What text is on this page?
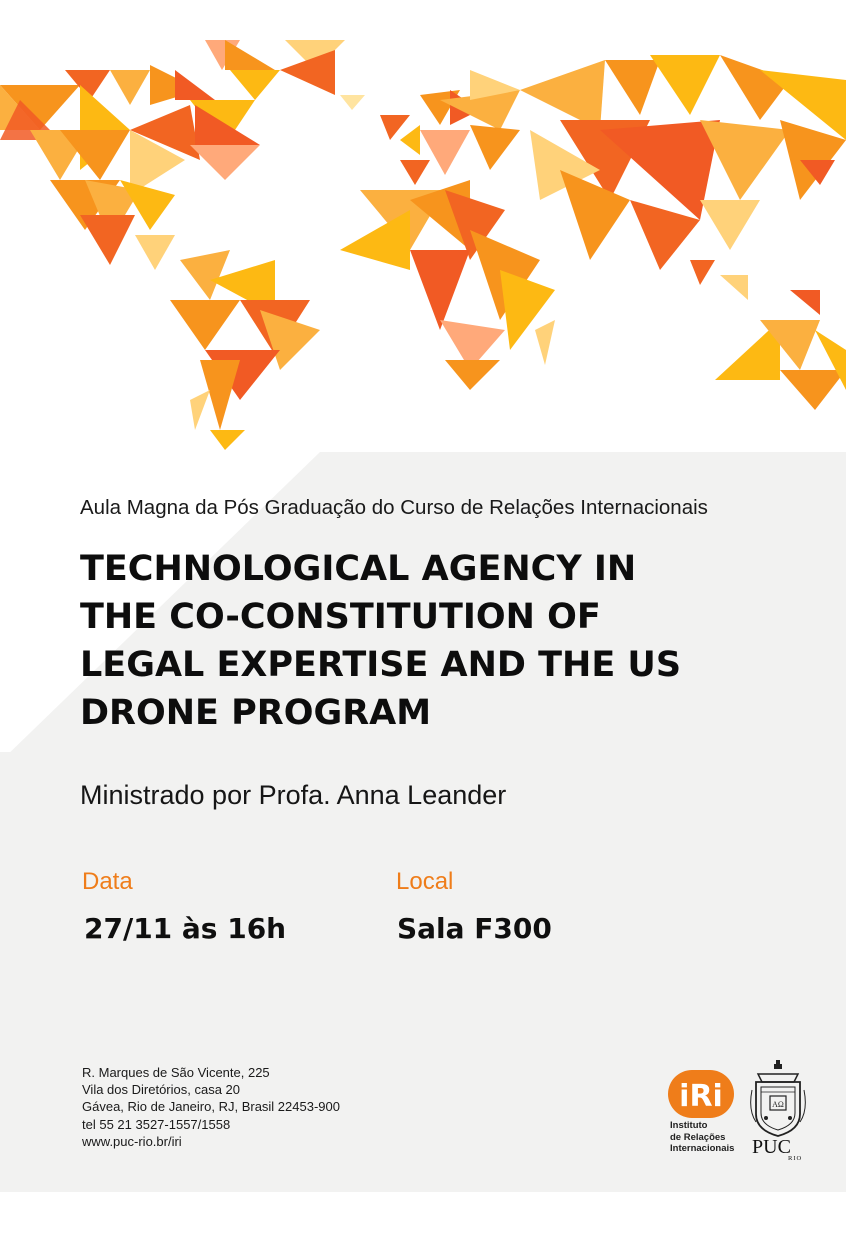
Aula Magna da Pós Graduação do Curso de Relações Internacionais
TECHNOLOGICAL AGENCY IN
THE CO-CONSTITUTION OF
LEGAL EXPERTISE AND THE US
DRONE PROGRAM
Ministrado por Profa. Anna Leander
Data
27/11 às 16h
Local
Sala F300
R. Marques de São Vicente, 225
Vila dos Diretórios, casa 20
Gávea, Rio de Janeiro, RJ, Brasil 22453-900
tel 55 21 3527-1557/1558
www.puc-rio.br/iri
iRi
Instituto
de Relações
Internacionais
AΩ
PUC
RIO
